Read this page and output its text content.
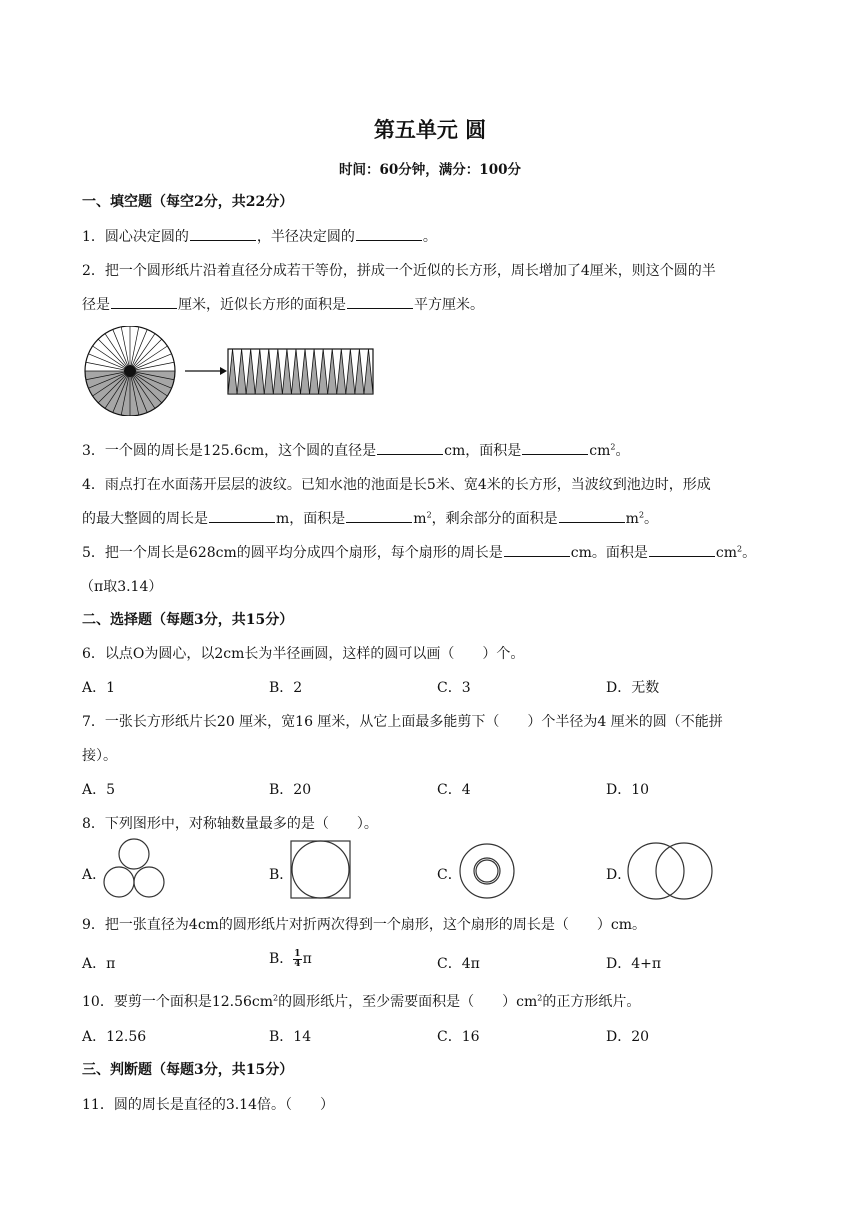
第五单元 圆
时间：60分钟，满分：100分
一、填空题（每空2分，共22分）
1．圆心决定圆的	，半径决定圆的	。
2．把一个圆形纸片沿着直径分成若干等份，拼成一个近似的长方形，周长增加了4厘米，则这个圆的半
径是	厘米，近似长方形的面积是	平方厘米。
3．一个圆的周长是125.6cm，这个圆的直径是	cm，面积是	$cm^2$。
4．雨点打在水面荡开层层的波纹。已知水池的池面是长5米、宽4米的长方形，当波纹到池边时，形成
的最大整圆的周长是	m，面积是	$m^2$，剩余部分的面积是	$m^2$。
5．把一个周长是628cm的圆平均分成四个扇形，每个扇形的周长是	cm。面积是	$cm^2$。
（π取3.14）
二、选择题（每题3分，共15分）
6．以点O为圆心，以2cm长为半径画圆，这样的圆可以画（　　）个。
A．1	B．2	C．3	D．无数
7．一张长方形纸片长20 厘米，宽16 厘米，从它上面最多能剪下（　　）个半径为4 厘米的圆（不能拼
接）。
A．5	B．20	C．4	D．10
8．下列图形中，对称轴数量最多的是（　　）。
A．	B．	C．	D．
9．把一张直径为4cm的圆形纸片对折两次得到一个扇形，这个扇形的周长是（　　）cm。
A．π	B． $\frac{1}{4}$ π	C．4π	D．4+π
10．要剪一个面积是$12.56cm^2$的圆形纸片，至少需要面积是（　　）$cm^2$的正方形纸片。
A．12.56	B．14	C．16	D．20
三、判断题（每题3分，共15分）
11．圆的周长是直径的3.14倍。（　　）
